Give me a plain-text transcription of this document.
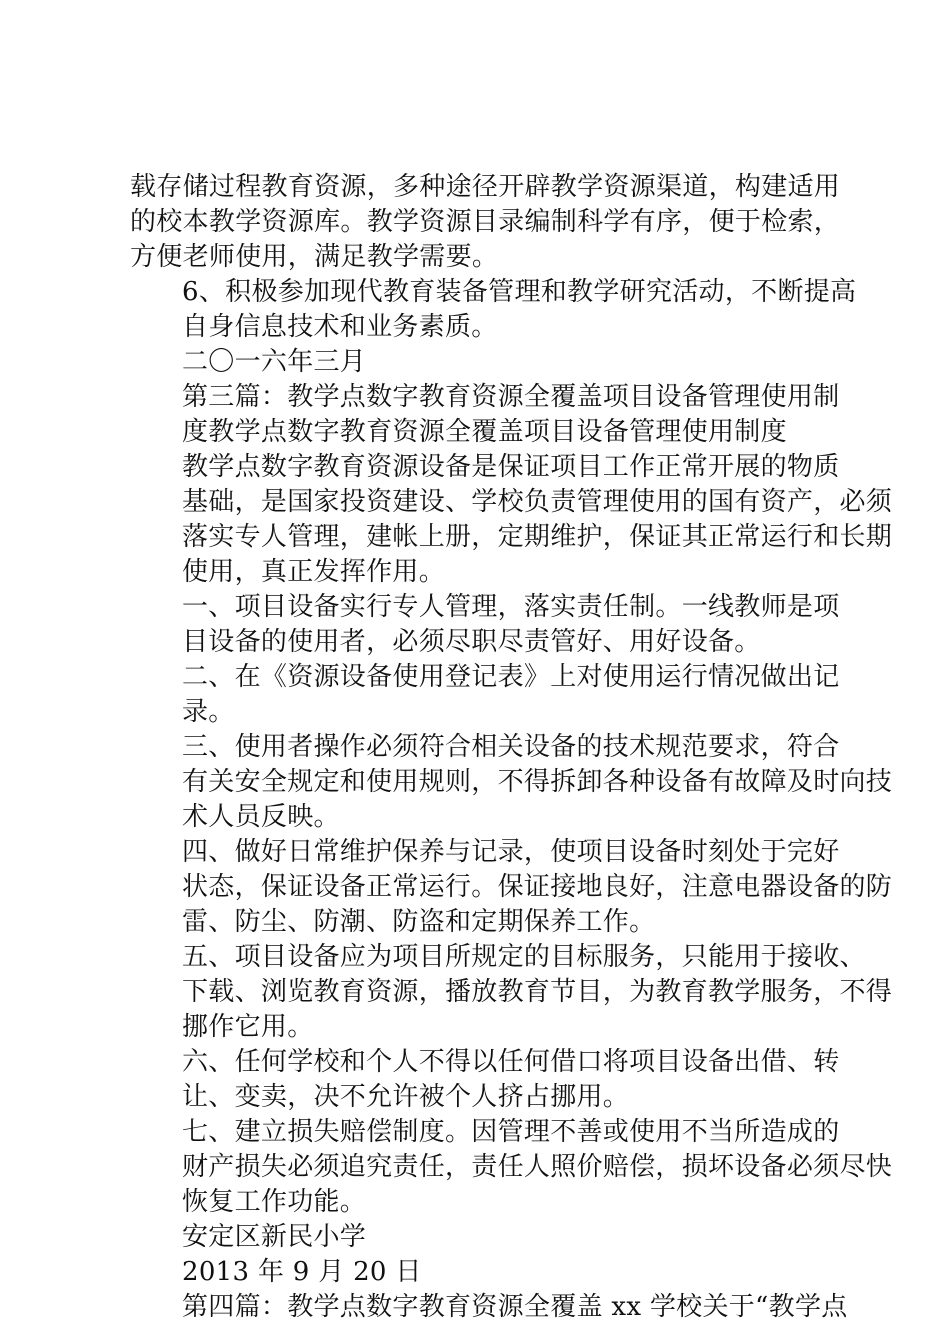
载存储过程教育资源，多种途径开辟教学资源渠道，构建适用
的校本教学资源库。教学资源目录编制科学有序，便于检索，
方便老师使用，满足教学需要。

6、积极参加现代教育装备管理和教学研究活动，不断提高
自身信息技术和业务素质。

二〇一六年三月

第三篇：教学点数字教育资源全覆盖项目设备管理使用制
度教学点数字教育资源全覆盖项目设备管理使用制度

教学点数字教育资源设备是保证项目工作正常开展的物质
基础，是国家投资建设、学校负责管理使用的国有资产，必须
落实专人管理，建帐上册，定期维护，保证其正常运行和长期
使用，真正发挥作用。

一、项目设备实行专人管理，落实责任制。一线教师是项
目设备的使用者，必须尽职尽责管好、用好设备。

二、在《资源设备使用登记表》上对使用运行情况做出记
录。

三、使用者操作必须符合相关设备的技术规范要求，符合
有关安全规定和使用规则，不得拆卸各种设备有故障及时向技
术人员反映。

四、做好日常维护保养与记录，使项目设备时刻处于完好
状态，保证设备正常运行。保证接地良好，注意电器设备的防
雷、防尘、防潮、防盗和定期保养工作。

五、项目设备应为项目所规定的目标服务，只能用于接收、
下载、浏览教育资源，播放教育节目，为教育教学服务，不得
挪作它用。

六、任何学校和个人不得以任何借口将项目设备出借、转
让、变卖，决不允许被个人挤占挪用。

七、建立损失赔偿制度。因管理不善或使用不当所造成的
财产损失必须追究责任，责任人照价赔偿，损坏设备必须尽快
恢复工作功能。

安定区新民小学

2013 年 9 月 20 日

第四篇：教学点数字教育资源全覆盖 xx 学校关于“教学点
